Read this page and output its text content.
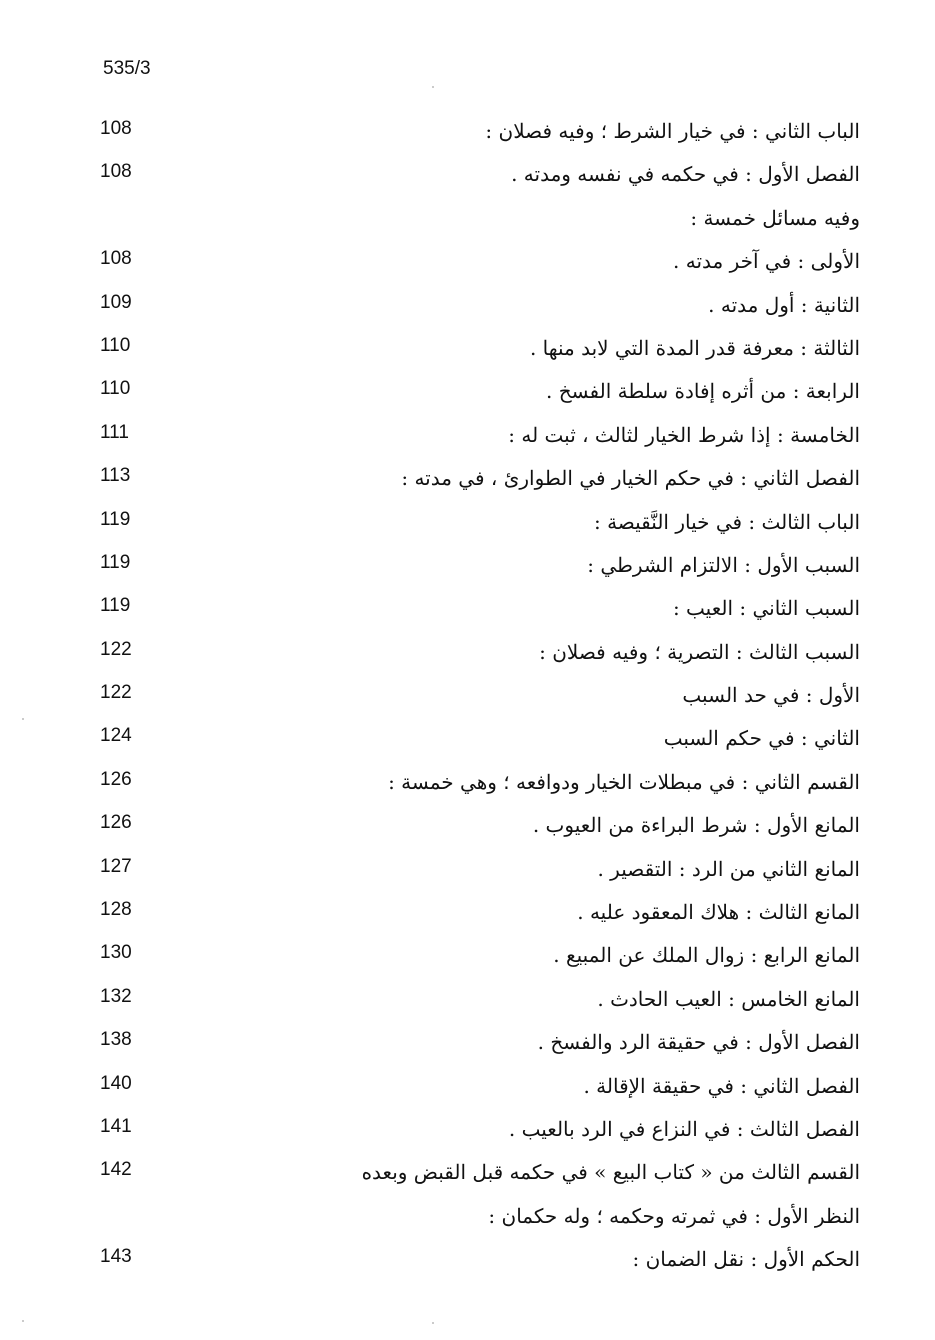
535/3
108	الباب الثاني : في خيار الشرط ؛ وفيه فصلان :
108	الفصل الأول : في حكمه في نفسه ومدته .
وفيه مسائل خمسة :
108	الأولى : في آخر مدته .
109	الثانية : أول مدته .
110	الثالثة : معرفة قدر المدة التي لابد منها .
110	الرابعة : من أثره إفادة سلطة الفسخ .
111	الخامسة : إذا شرط الخيار لثالث ، ثبت له :
113	الفصل الثاني : في حكم الخيار في الطوارئ ، في مدته :
119	الباب الثالث : في خيار النَّقيصة :
119	السبب الأول : الالتزام الشرطي :
119	السبب الثاني : العيب :
122	السبب الثالث : التصرية ؛ وفيه فصلان :
122	الأول : في حد السبب
124	الثاني : في حكم السبب
126	القسم الثاني : في مبطلات الخيار ودوافعه ؛ وهي خمسة :
126	المانع الأول : شرط البراءة من العيوب .
127	المانع الثاني من الرد : التقصير .
128	المانع الثالث : هلاك المعقود عليه .
130	المانع الرابع : زوال الملك عن المبيع .
132	المانع الخامس : العيب الحادث .
138	الفصل الأول : في حقيقة الرد والفسخ .
140	الفصل الثاني : في حقيقة الإقالة .
141	الفصل الثالث : في النزاع في الرد بالعيب .
142	القسم الثالث من « كتاب البيع » في حكمه قبل القبض وبعده
النظر الأول : في ثمرته وحكمه ؛ وله حكمان :
143	الحكم الأول : نقل الضمان :
